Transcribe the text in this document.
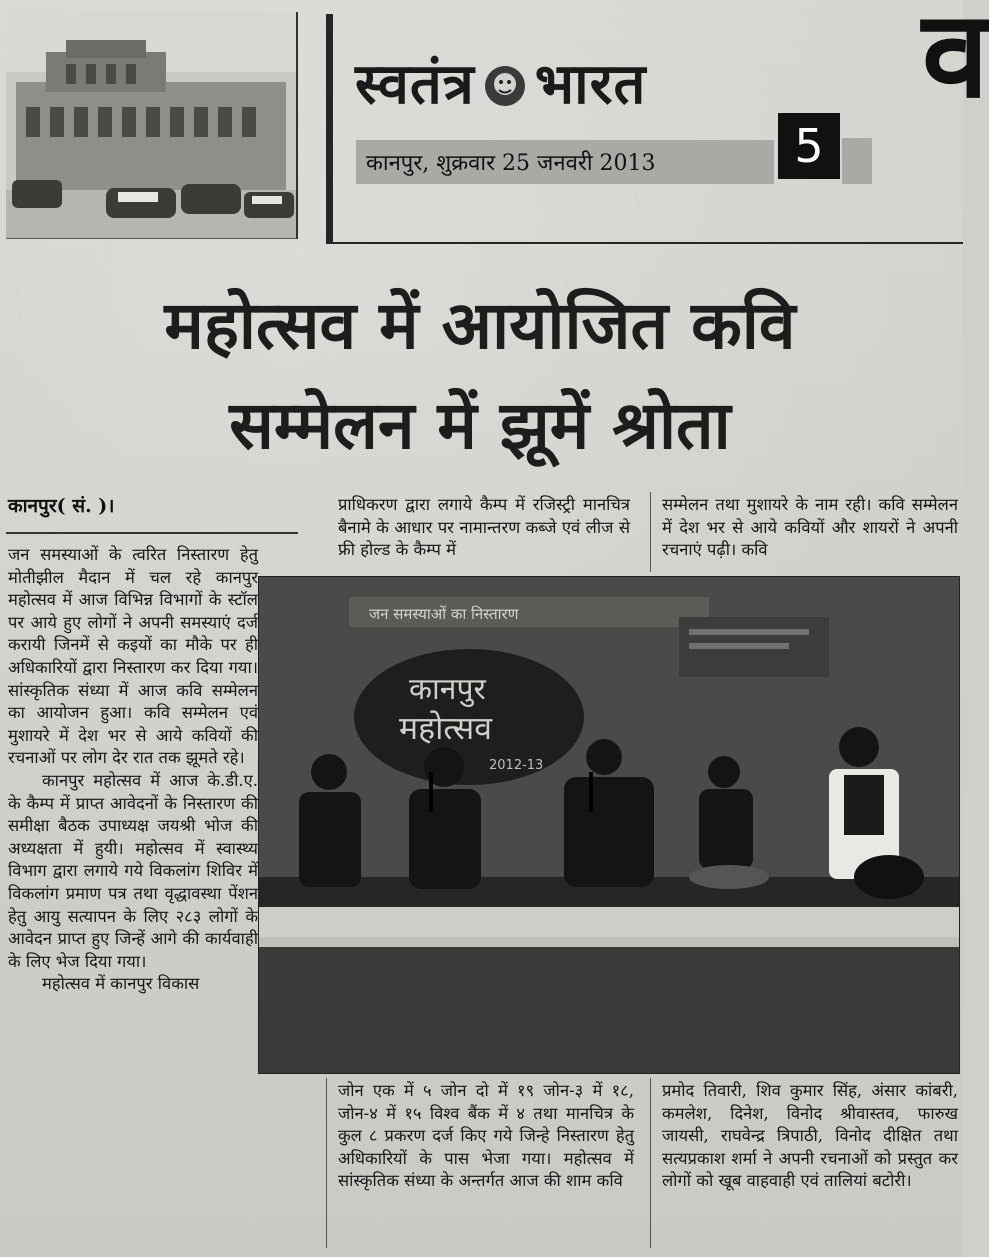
स्वतंत्र भारत
कानपुर, शुक्रवार 25 जनवरी 2013	5
व
महोत्सव में आयोजित कवि
सम्मेलन में झूमें श्रोता
कानपुर( सं. )।

जन समस्याओं के त्वरित निस्तारण हेतु मोतीझील मैदान में चल रहे कानपुर महोत्सव में आज विभिन्न विभागों के स्टॉल पर आये हुए लोगों ने अपनी समस्याएं दर्ज करायी जिनमें से कइयों का मौके पर ही अधिकारियों द्वारा निस्तारण कर दिया गया। सांस्कृतिक संध्या में आज कवि सम्मेलन का आयोजन हुआ। कवि सम्मेलन एवं मुशायरे में देश भर से आये कवियों की रचनाओं पर लोग देर रात तक झूमते रहे।

कानपुर महोत्सव में आज के.डी.ए. के कैम्प में प्राप्त आवेदनों के निस्तारण की समीक्षा बैठक उपाध्यक्ष जयश्री भोज की अध्यक्षता में हुयी। महोत्सव में स्वास्थ्य विभाग द्वारा लगाये गये विकलांग शिविर में विकलांग प्रमाण पत्र तथा वृद्धावस्था पेंशन हेतु आयु सत्यापन के लिए २८३ लोगों के आवेदन प्राप्त हुए जिन्हें आगे की कार्यवाही के लिए भेज दिया गया।

महोत्सव में कानपुर विकास

प्राधिकरण द्वारा लगाये कैम्प में रजिस्ट्री मानचित्र बैनामे के आधार पर नामान्तरण कब्जे एवं लीज से फ्री होल्ड के कैम्प में
सम्मेलन तथा मुशायरे के नाम रही। कवि सम्मेलन में देश भर से आये कवियों और शायरों ने अपनी रचनाएं पढ़ी। कवि
जन समस्याओं का निस्तारण
कानपुर
महोत्सव
2012-13
जोन एक में ५ जोन दो में १९ जोन-३ में १८, जोन-४ में १५ विश्व बैंक में ४ तथा मानचित्र के कुल ८ प्रकरण दर्ज किए गये जिन्हे निस्तारण हेतु अधिकारियों के पास भेजा गया। महोत्सव में सांस्कृतिक संध्या के अन्तर्गत आज की शाम कवि
प्रमोद तिवारी, शिव कुमार सिंह, अंसार कांबरी, कमलेश, दिनेश, विनोद श्रीवास्तव, फारुख जायसी, राघवेन्द्र त्रिपाठी, विनोद दीक्षित तथा सत्यप्रकाश शर्मा ने अपनी रचनाओं को प्रस्तुत कर लोगों को खूब वाहवाही एवं तालियां बटोरी।
